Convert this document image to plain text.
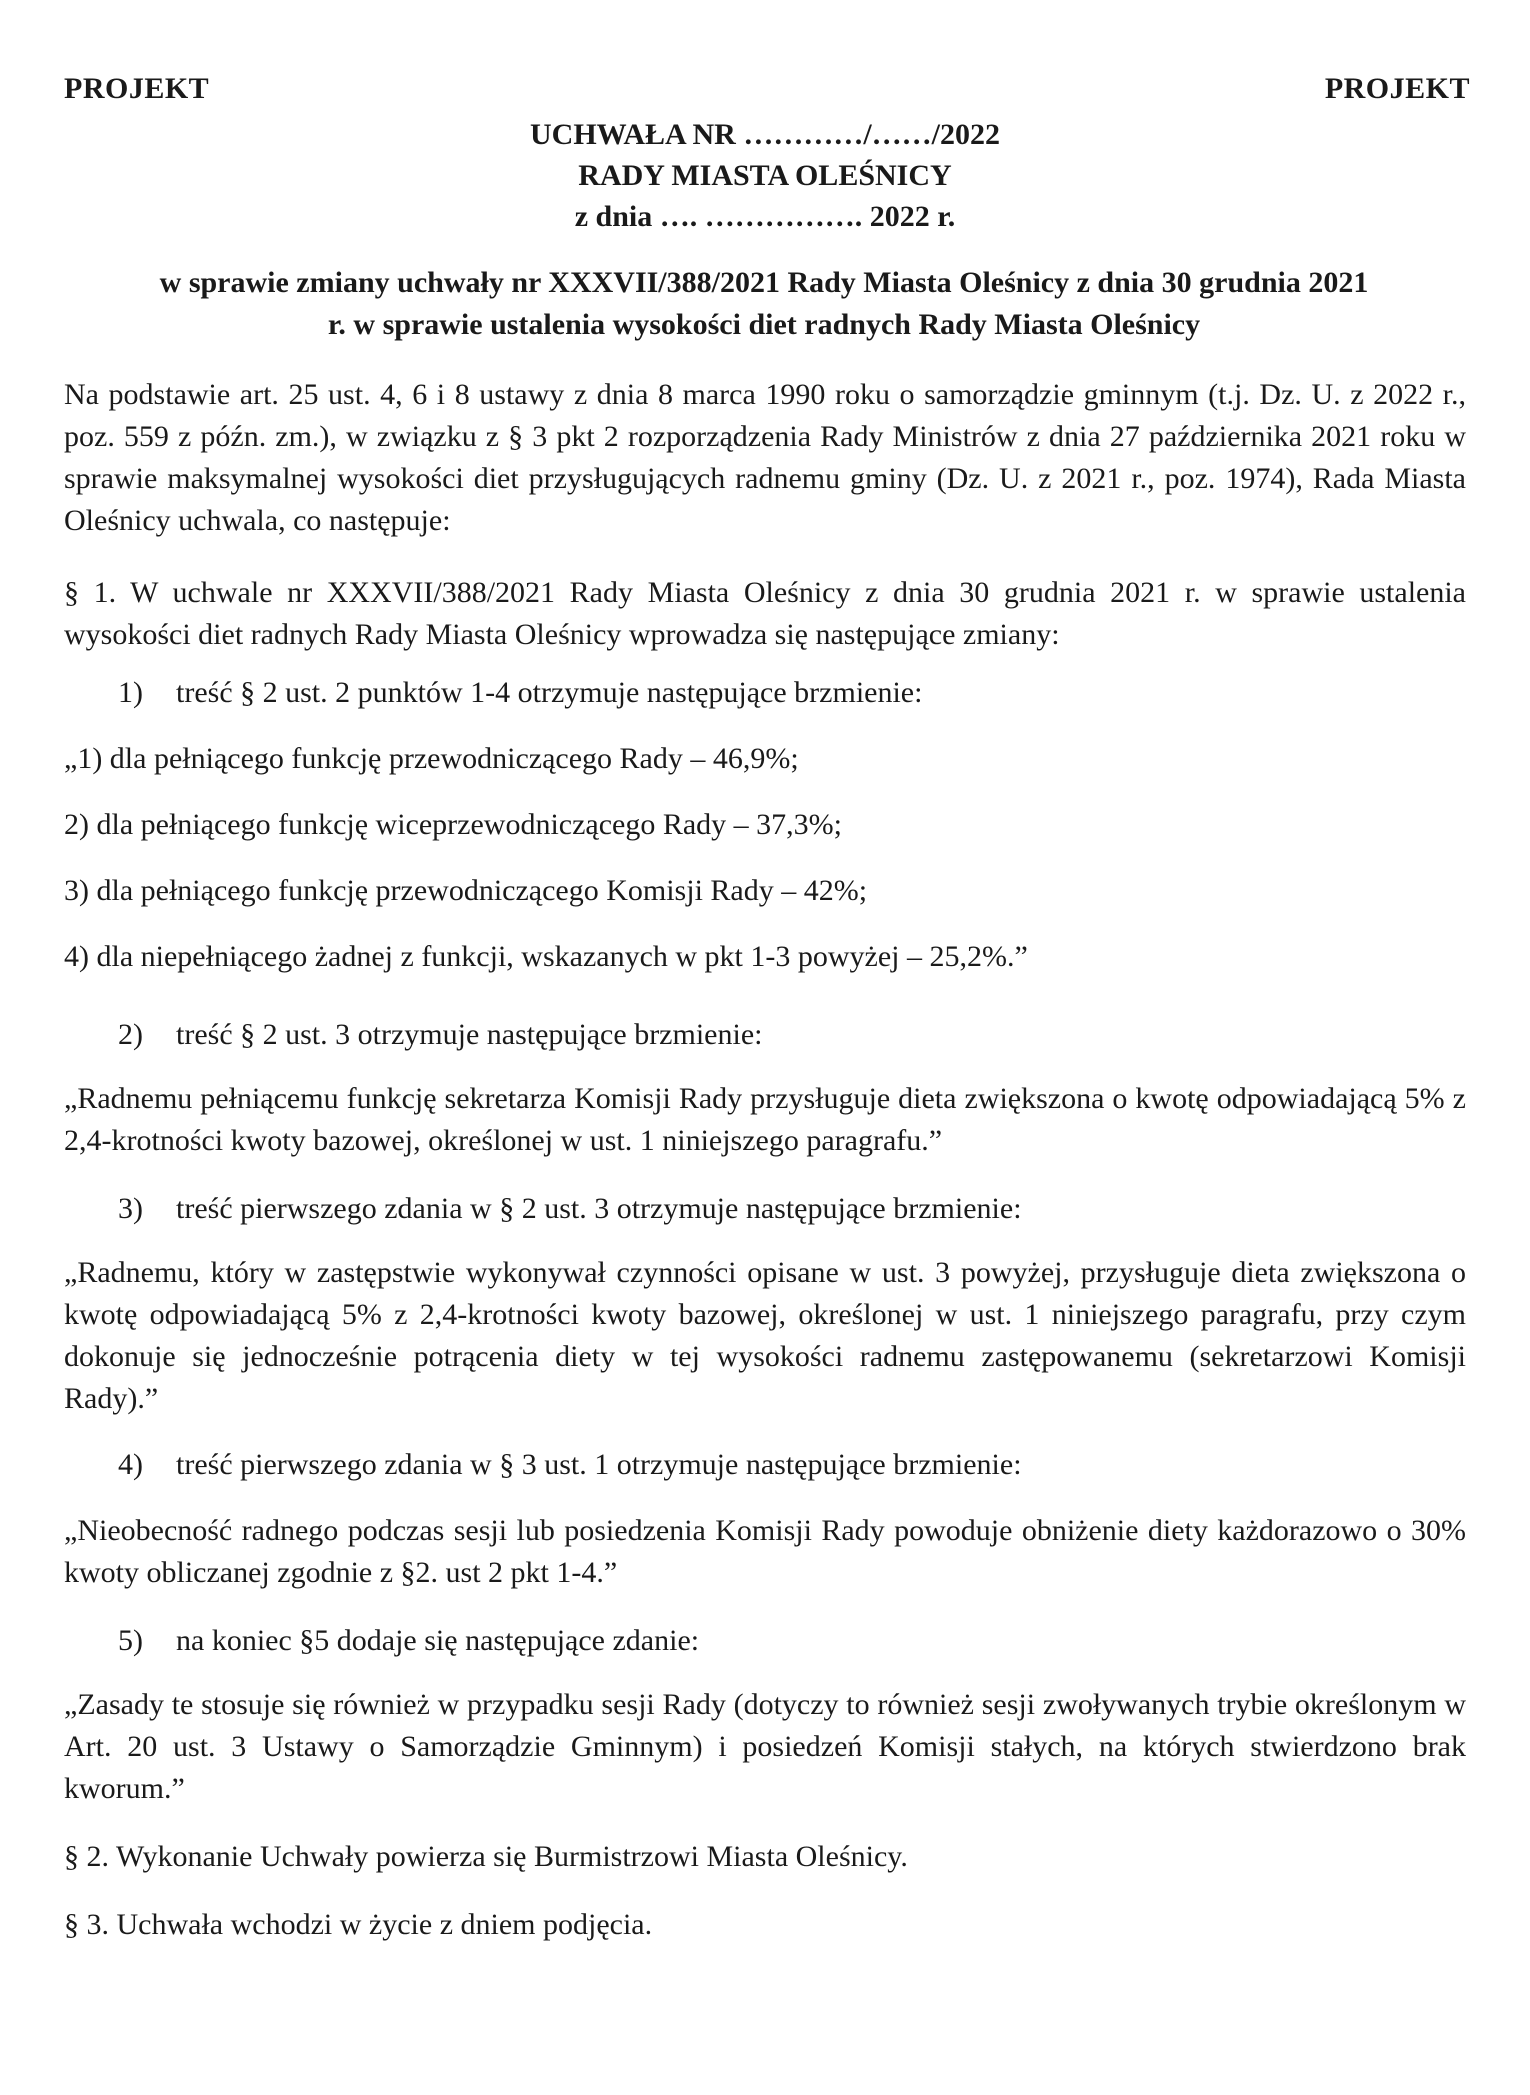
PROJEKT	PROJEKT
UCHWAŁA NR …………/……/2022
RADY MIASTA OLEŚNICY
z dnia …. ……………. 2022 r.
w sprawie zmiany uchwały nr XXXVII/388/2021 Rady Miasta Oleśnicy z dnia 30 grudnia 2021
r. w sprawie ustalenia wysokości diet radnych Rady Miasta Oleśnicy
Na podstawie art. 25 ust. 4, 6 i 8 ustawy z dnia 8 marca 1990 roku o samorządzie gminnym (t.j. Dz. U. z 2022 r., poz. 559 z późn. zm.), w związku z § 3 pkt 2 rozporządzenia Rady Ministrów z dnia 27 października 2021 roku w sprawie maksymalnej wysokości diet przysługujących radnemu gminy (Dz. U. z 2021 r., poz. 1974), Rada Miasta Oleśnicy uchwala, co następuje:
§ 1. W uchwale nr XXXVII/388/2021 Rady Miasta Oleśnicy z dnia 30 grudnia 2021 r. w sprawie ustalenia wysokości diet radnych Rady Miasta Oleśnicy wprowadza się następujące zmiany:
1) treść § 2 ust. 2 punktów 1-4 otrzymuje następujące brzmienie:
„1) dla pełniącego funkcję przewodniczącego Rady – 46,9%;
2) dla pełniącego funkcję wiceprzewodniczącego Rady – 37,3%;
3) dla pełniącego funkcję przewodniczącego Komisji Rady – 42%;
4) dla niepełniącego żadnej z funkcji, wskazanych w pkt 1-3 powyżej – 25,2%.”
2) treść § 2 ust. 3 otrzymuje następujące brzmienie:
„Radnemu pełniącemu funkcję sekretarza Komisji Rady przysługuje dieta zwiększona o kwotę odpowiadającą 5% z 2,4-krotności kwoty bazowej, określonej w ust. 1 niniejszego paragrafu.”
3) treść pierwszego zdania w § 2 ust. 3 otrzymuje następujące brzmienie:
„Radnemu, który w zastępstwie wykonywał czynności opisane w ust. 3 powyżej, przysługuje dieta zwiększona o kwotę odpowiadającą 5% z 2,4-krotności kwoty bazowej, określonej w ust. 1 niniejszego paragrafu, przy czym dokonuje się jednocześnie potrącenia diety w tej wysokości radnemu zastępowanemu (sekretarzowi Komisji Rady).”
4) treść pierwszego zdania w § 3 ust. 1 otrzymuje następujące brzmienie:
„Nieobecność radnego podczas sesji lub posiedzenia Komisji Rady powoduje obniżenie diety każdorazowo o 30% kwoty obliczanej zgodnie z §2. ust 2 pkt 1-4.”
5) na koniec §5 dodaje się następujące zdanie:
„Zasady te stosuje się również w przypadku sesji Rady (dotyczy to również sesji zwoływanych trybie określonym w Art. 20 ust. 3 Ustawy o Samorządzie Gminnym) i posiedzeń Komisji stałych, na których stwierdzono brak kworum.”
§ 2. Wykonanie Uchwały powierza się Burmistrzowi Miasta Oleśnicy.
§ 3. Uchwała wchodzi w życie z dniem podjęcia.
